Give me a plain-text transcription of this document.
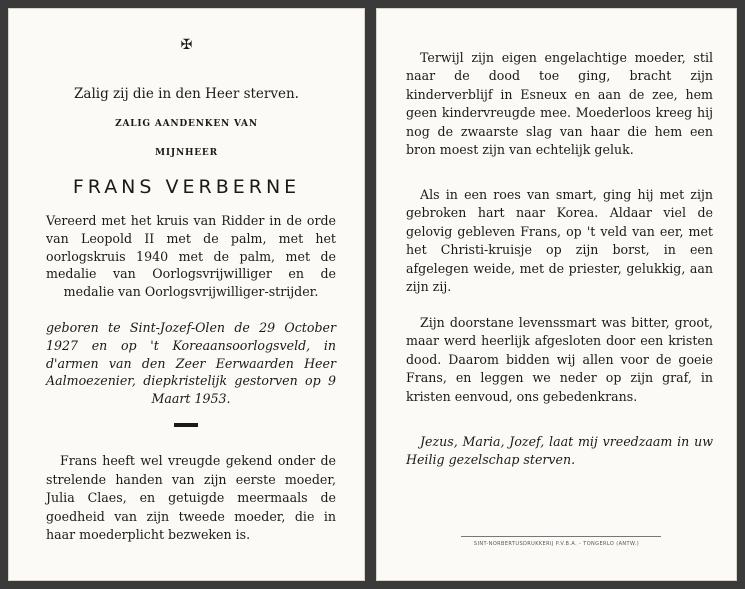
✠
Zalig zij die in den Heer sterven.
ZALIG AANDENKEN VAN
MIJNHEER
FRANS VERBERNE
Vereerd met het kruis van Ridder in de orde van Leopold II met de palm, met het oorlogskruis 1940 met de palm, met de medalie van Oorlogsvrijwilliger en de medalie van Oorlogsvrijwilliger-strijder.
geboren te Sint-Jozef-Olen de 29 October 1927 en op 't Koreaansoorlogsveld, in d'armen van den Zeer Eerwaarden Heer Aalmoezenier, diepkristelijk gestorven op 9 Maart 1953.
Frans heeft wel vreugde gekend onder de strelende handen van zijn eerste moeder, Julia Claes, en getuigde meermaals de goedheid van zijn tweede moeder, die in haar moederplicht bezweken is.
Terwijl zijn eigen engelachtige moeder, stil naar de dood toe ging, bracht zijn kinderverblijf in Esneux en aan de zee, hem geen kindervreugde mee. Moederloos kreeg hij nog de zwaarste slag van haar die hem een bron moest zijn van echtelijk geluk.
Als in een roes van smart, ging hij met zijn gebroken hart naar Korea. Aldaar viel de gelovig gebleven Frans, op 't veld van eer, met het Christi-kruisje op zijn borst, in een afgelegen weide, met de priester, gelukkig, aan zijn zij.
Zijn doorstane levenssmart was bitter, groot, maar werd heerlijk afgesloten door een kristen dood. Daarom bidden wij allen voor de goeie Frans, en leggen we neder op zijn graf, in kristen eenvoud, ons gebedenkrans.
Jezus, Maria, Jozef, laat mij vreedzaam in uw Heilig gezelschap sterven.
SINT-NORBERTUSDRUKKERIJ P.V.B.A. - TONGERLO (ANTW.)
